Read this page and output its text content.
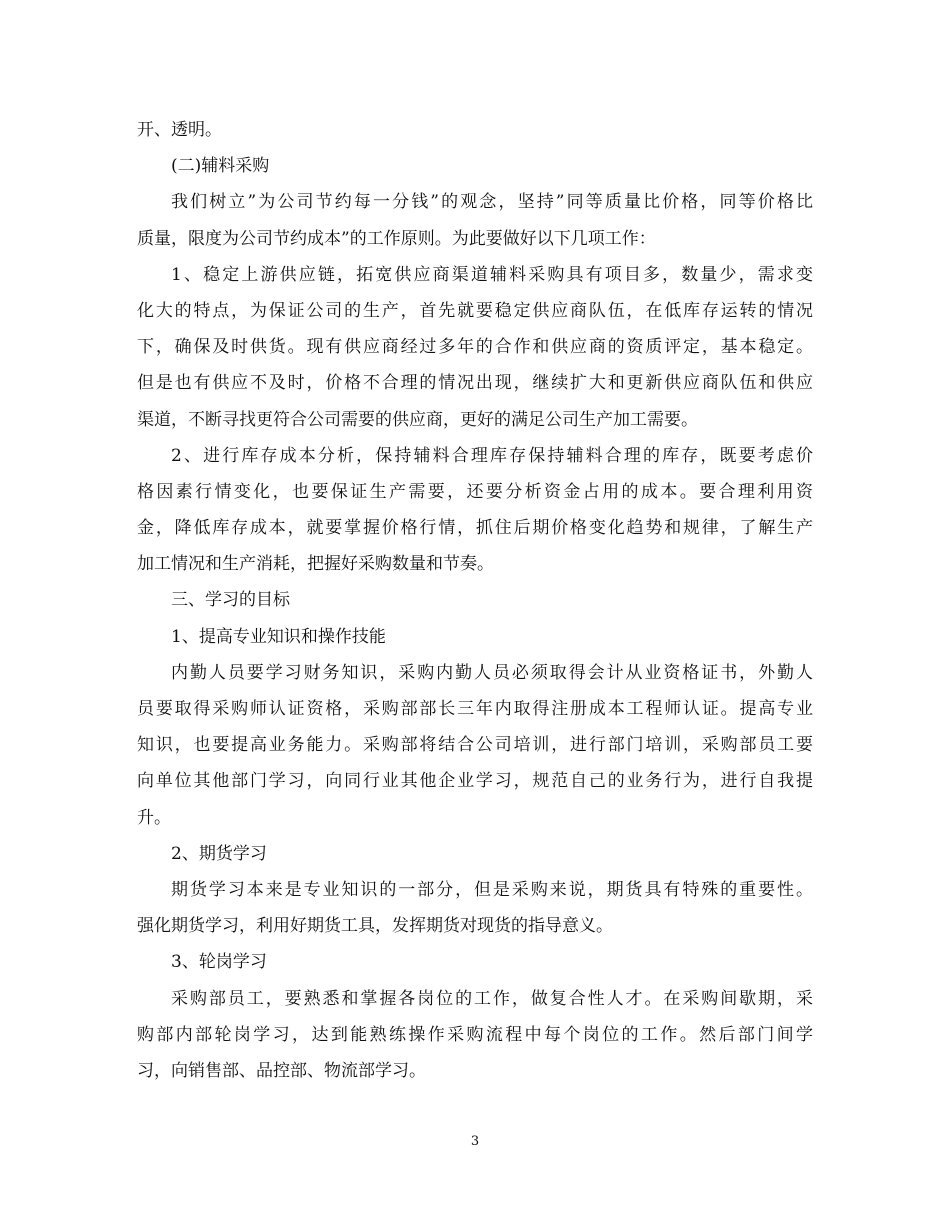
开、透明。
(二)辅料采购
我们树立”为公司节约每一分钱”的观念，坚持”同等质量比价格，同等价格比
质量，限度为公司节约成本”的工作原则。为此要做好以下几项工作：
1、稳定上游供应链，拓宽供应商渠道辅料采购具有项目多，数量少，需求变
化大的特点，为保证公司的生产，首先就要稳定供应商队伍，在低库存运转的情况
下，确保及时供货。现有供应商经过多年的合作和供应商的资质评定，基本稳定。
但是也有供应不及时，价格不合理的情况出现，继续扩大和更新供应商队伍和供应
渠道，不断寻找更符合公司需要的供应商，更好的满足公司生产加工需要。
2、进行库存成本分析，保持辅料合理库存保持辅料合理的库存，既要考虑价
格因素行情变化，也要保证生产需要，还要分析资金占用的成本。要合理利用资
金，降低库存成本，就要掌握价格行情，抓住后期价格变化趋势和规律，了解生产
加工情况和生产消耗，把握好采购数量和节奏。
三、学习的目标
1、提高专业知识和操作技能
内勤人员要学习财务知识，采购内勤人员必须取得会计从业资格证书，外勤人
员要取得采购师认证资格，采购部部长三年内取得注册成本工程师认证。提高专业
知识，也要提高业务能力。采购部将结合公司培训，进行部门培训，采购部员工要
向单位其他部门学习，向同行业其他企业学习，规范自己的业务行为，进行自我提
升。
2、期货学习
期货学习本来是专业知识的一部分，但是采购来说，期货具有特殊的重要性。
强化期货学习，利用好期货工具，发挥期货对现货的指导意义。
3、轮岗学习
采购部员工，要熟悉和掌握各岗位的工作，做复合性人才。在采购间歇期，采
购部内部轮岗学习，达到能熟练操作采购流程中每个岗位的工作。然后部门间学
习，向销售部、品控部、物流部学习。
3
